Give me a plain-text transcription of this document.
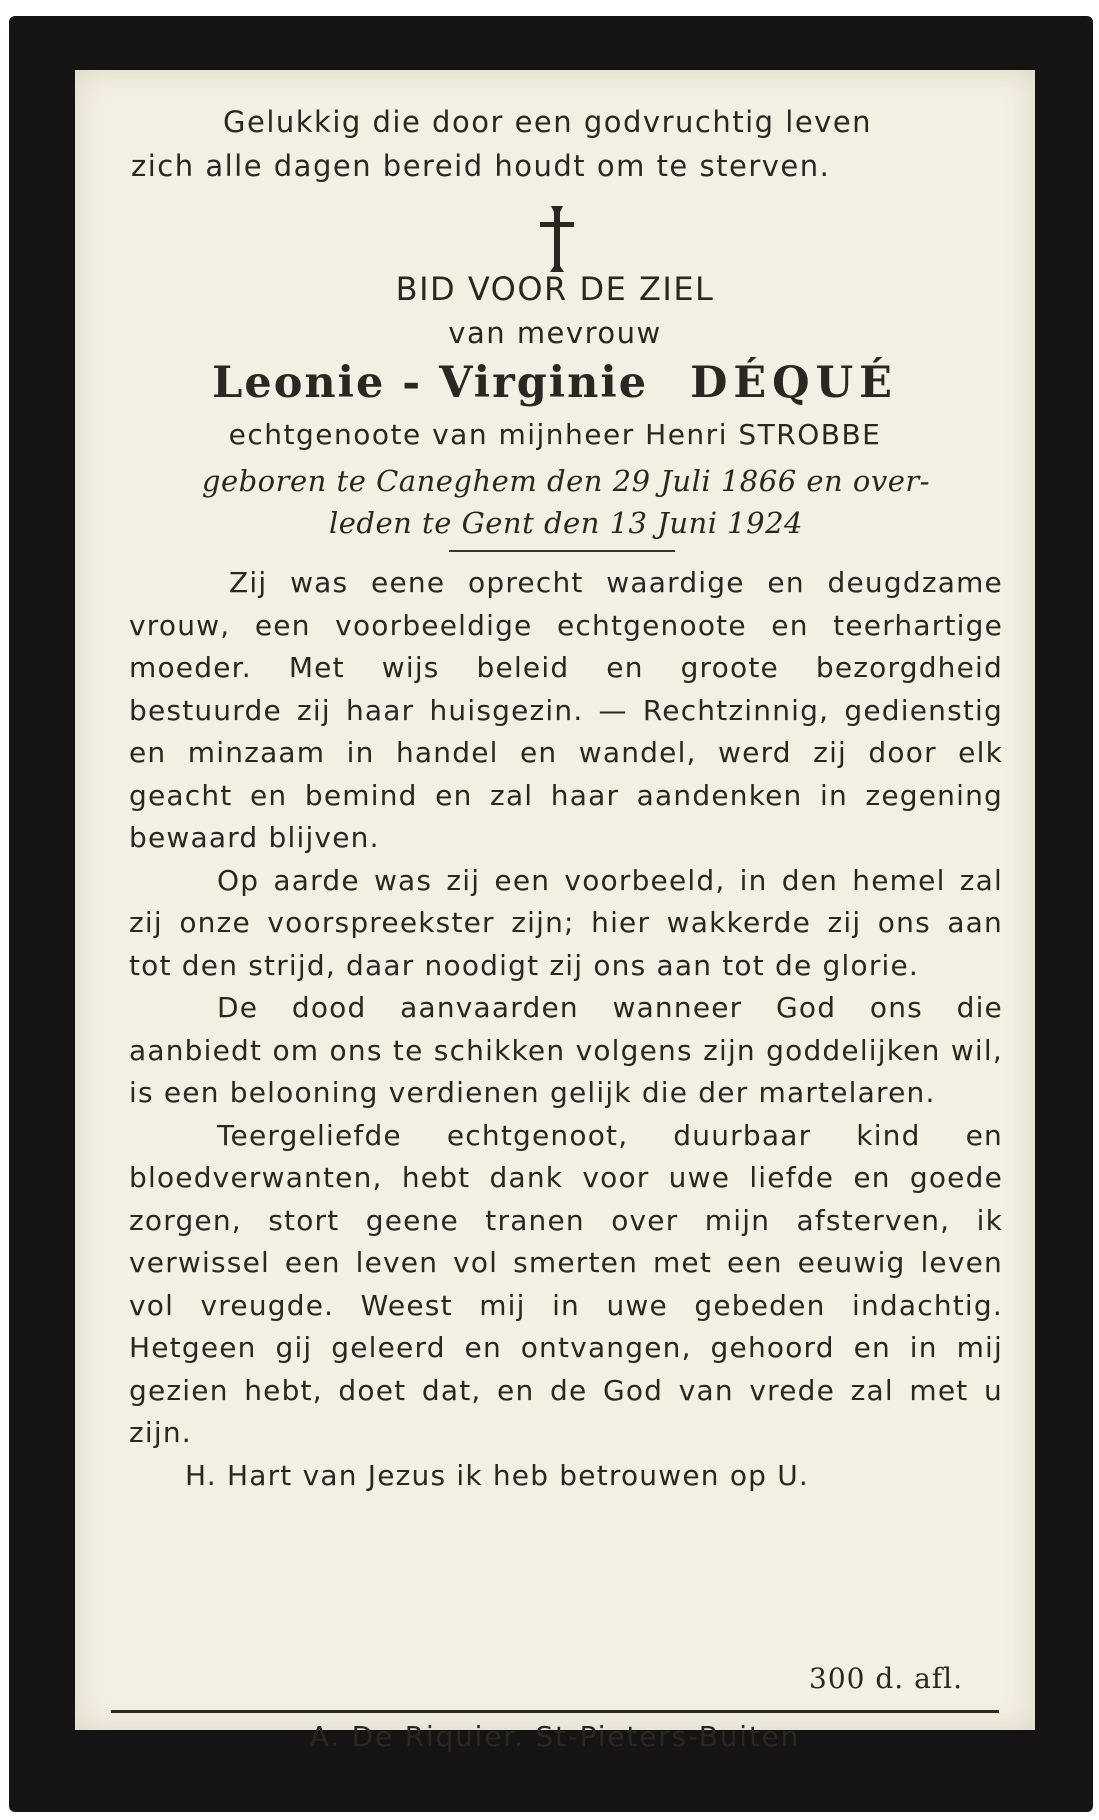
Gelukkig die door een godvruchtig leven
zich alle dagen bereid houdt om te sterven.
BID VOOR DE ZIEL
van mevrouw
Leonie - Virginie DÉQUÉ
echtgenoote van mijnheer Henri STROBBE
geboren te Caneghem den 29 Juli 1866 en over-
leden te Gent den 13 Juni 1924

Zij was eene oprecht waardige en deugdzame vrouw, een voorbeeldige echtgenoote en teerhartige moeder. Met wijs beleid en groote bezorgdheid bestuurde zij haar huisgezin. — Rechtzinnig, gedienstig en minzaam in handel en wandel, werd zij door elk geacht en bemind en zal haar aandenken in zegening bewaard blijven.

Op aarde was zij een voorbeeld, in den hemel zal zij onze voorspreekster zijn; hier wakkerde zij ons aan tot den strijd, daar noodigt zij ons aan tot de glorie.

De dood aanvaarden wanneer God ons die aanbiedt om ons te schikken volgens zijn goddelijken wil, is een belooning verdienen gelijk die der martelaren.

Teergeliefde echtgenoot, duurbaar kind en bloedverwanten, hebt dank voor uwe liefde en goede zorgen, stort geene tranen over mijn afsterven, ik verwissel een leven vol smerten met een eeuwig leven vol vreugde. Weest mij in uwe gebeden indachtig. Hetgeen gij geleerd en ontvangen, gehoord en in mij gezien hebt, doet dat, en de God van vrede zal met u zijn.

H. Hart van Jezus ik heb betrouwen op U.

300 d. afl.
A. De Riquier. St-Pieters-Buiten
